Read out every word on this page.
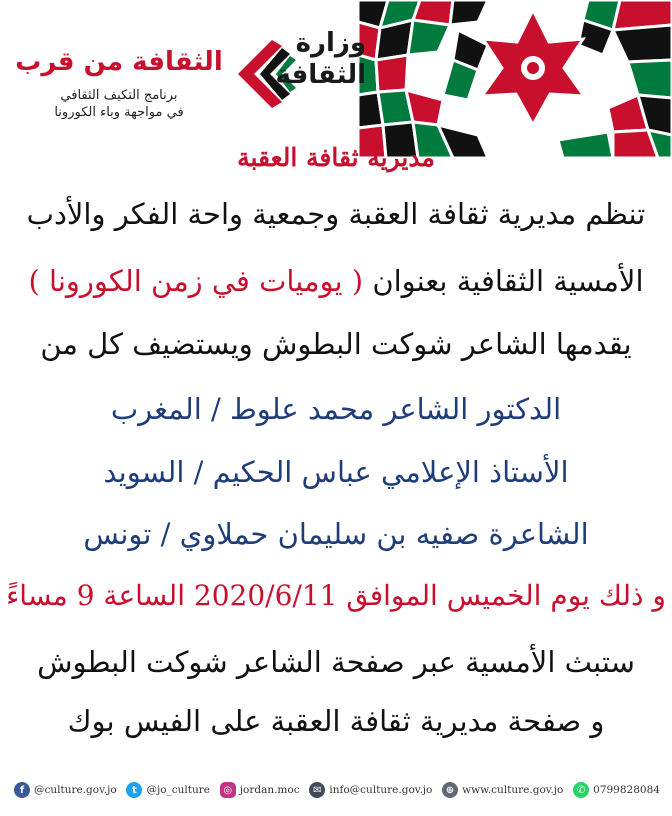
وزارة
الثقافة
الثقافة من قرب
برنامج التكيف الثقافي
في مواجهة وباء الكورونا
مديرية ثقافة العقبة
تنظم مديرية ثقافة العقبة وجمعية واحة الفكر والأدب
الأمسية الثقافية بعنوان ( يوميات في زمن الكورونا )
يقدمها الشاعر شوكت البطوش ويستضيف كل من
الدكتور الشاعر محمد علوط / المغرب
الأستاذ الإعلامي عباس الحكيم / السويد
الشاعرة صفيه بن سليمان حملاوي / تونس
و ذلك يوم الخميس الموافق 2020/6/11 الساعة 9 مساءً
ستبث الأمسية عبر صفحة الشاعر شوكت البطوش
و صفحة مديرية ثقافة العقبة على الفيس بوك
f @culture.gov.jo	t @jo_culture	◎ jordan.moc	✉ info@culture.gov.jo	⊕ www.culture.gov.jo	✆ 0799828084
